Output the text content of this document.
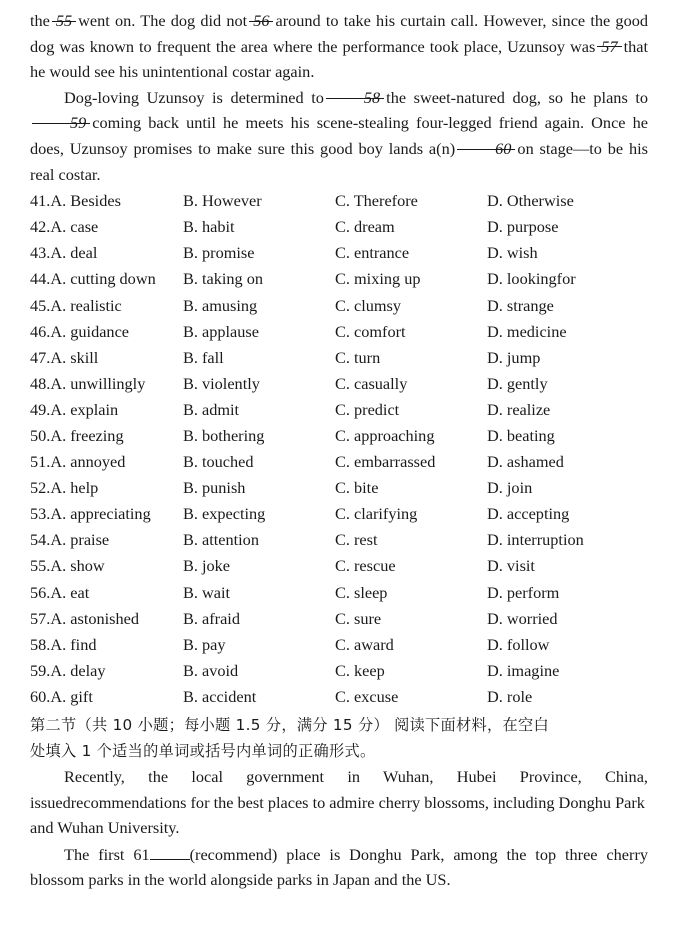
the 55 went on. The dog did not 56 around to take his curtain call. However, since the good dog was known to frequent the area where the performance took place, Uzunsoy was 57 that he would see his unintentional costar again.

Dog-loving Uzunsoy is determined to 58 the sweet-natured dog, so he plans to
59 coming back until he meets his scene-stealing four-legged friend again. Once he does, Uzunsoy promises to make sure this good boy lands a(n) 60 on stage—to be his real costar.

41.A. Besides	B. However	C. Therefore	D. Otherwise
42.A. case	B. habit	C. dream	D. purpose
43.A. deal	B. promise	C. entrance	D. wish
44.A. cutting down	B. taking on	C. mixing up	D. lookingfor
45.A. realistic	B. amusing	C. clumsy	D. strange
46.A. guidance	B. applause	C. comfort	D. medicine
47.A. skill	B. fall	C. turn	D. jump
48.A. unwillingly	B. violently	C. casually	D. gently
49.A. explain	B. admit	C. predict	D. realize
50.A. freezing	B. bothering	C. approaching	D. beating
51.A. annoyed	B. touched	C. embarrassed	D. ashamed
52.A. help	B. punish	C. bite	D. join
53.A. appreciating	B. expecting	C. clarifying	D. accepting
54.A. praise	B. attention	C. rest	D. interruption
55.A. show	B. joke	C. rescue	D. visit
56.A. eat	B. wait	C. sleep	D. perform
57.A. astonished	B. afraid	C. sure	D. worried
58.A. find	B. pay	C. award	D. follow
59.A. delay	B. avoid	C. keep	D. imagine
60.A. gift	B. accident	C. excuse	D. role

第二节（共 10 小题；每小题 1.5 分，满分 15 分） 阅读下面材料，在空白
处填入 1 个适当的单词或括号内单词的正确形式。

Recently, the local government in Wuhan, Hubei Province, China, issuedrecommendations for the best places to admire cherry blossoms, including Donghu Park

and Wuhan University.

The first 61 (recommend) place is Donghu Park, among the top three cherry blossom parks in the world alongside parks in Japan and the US.
